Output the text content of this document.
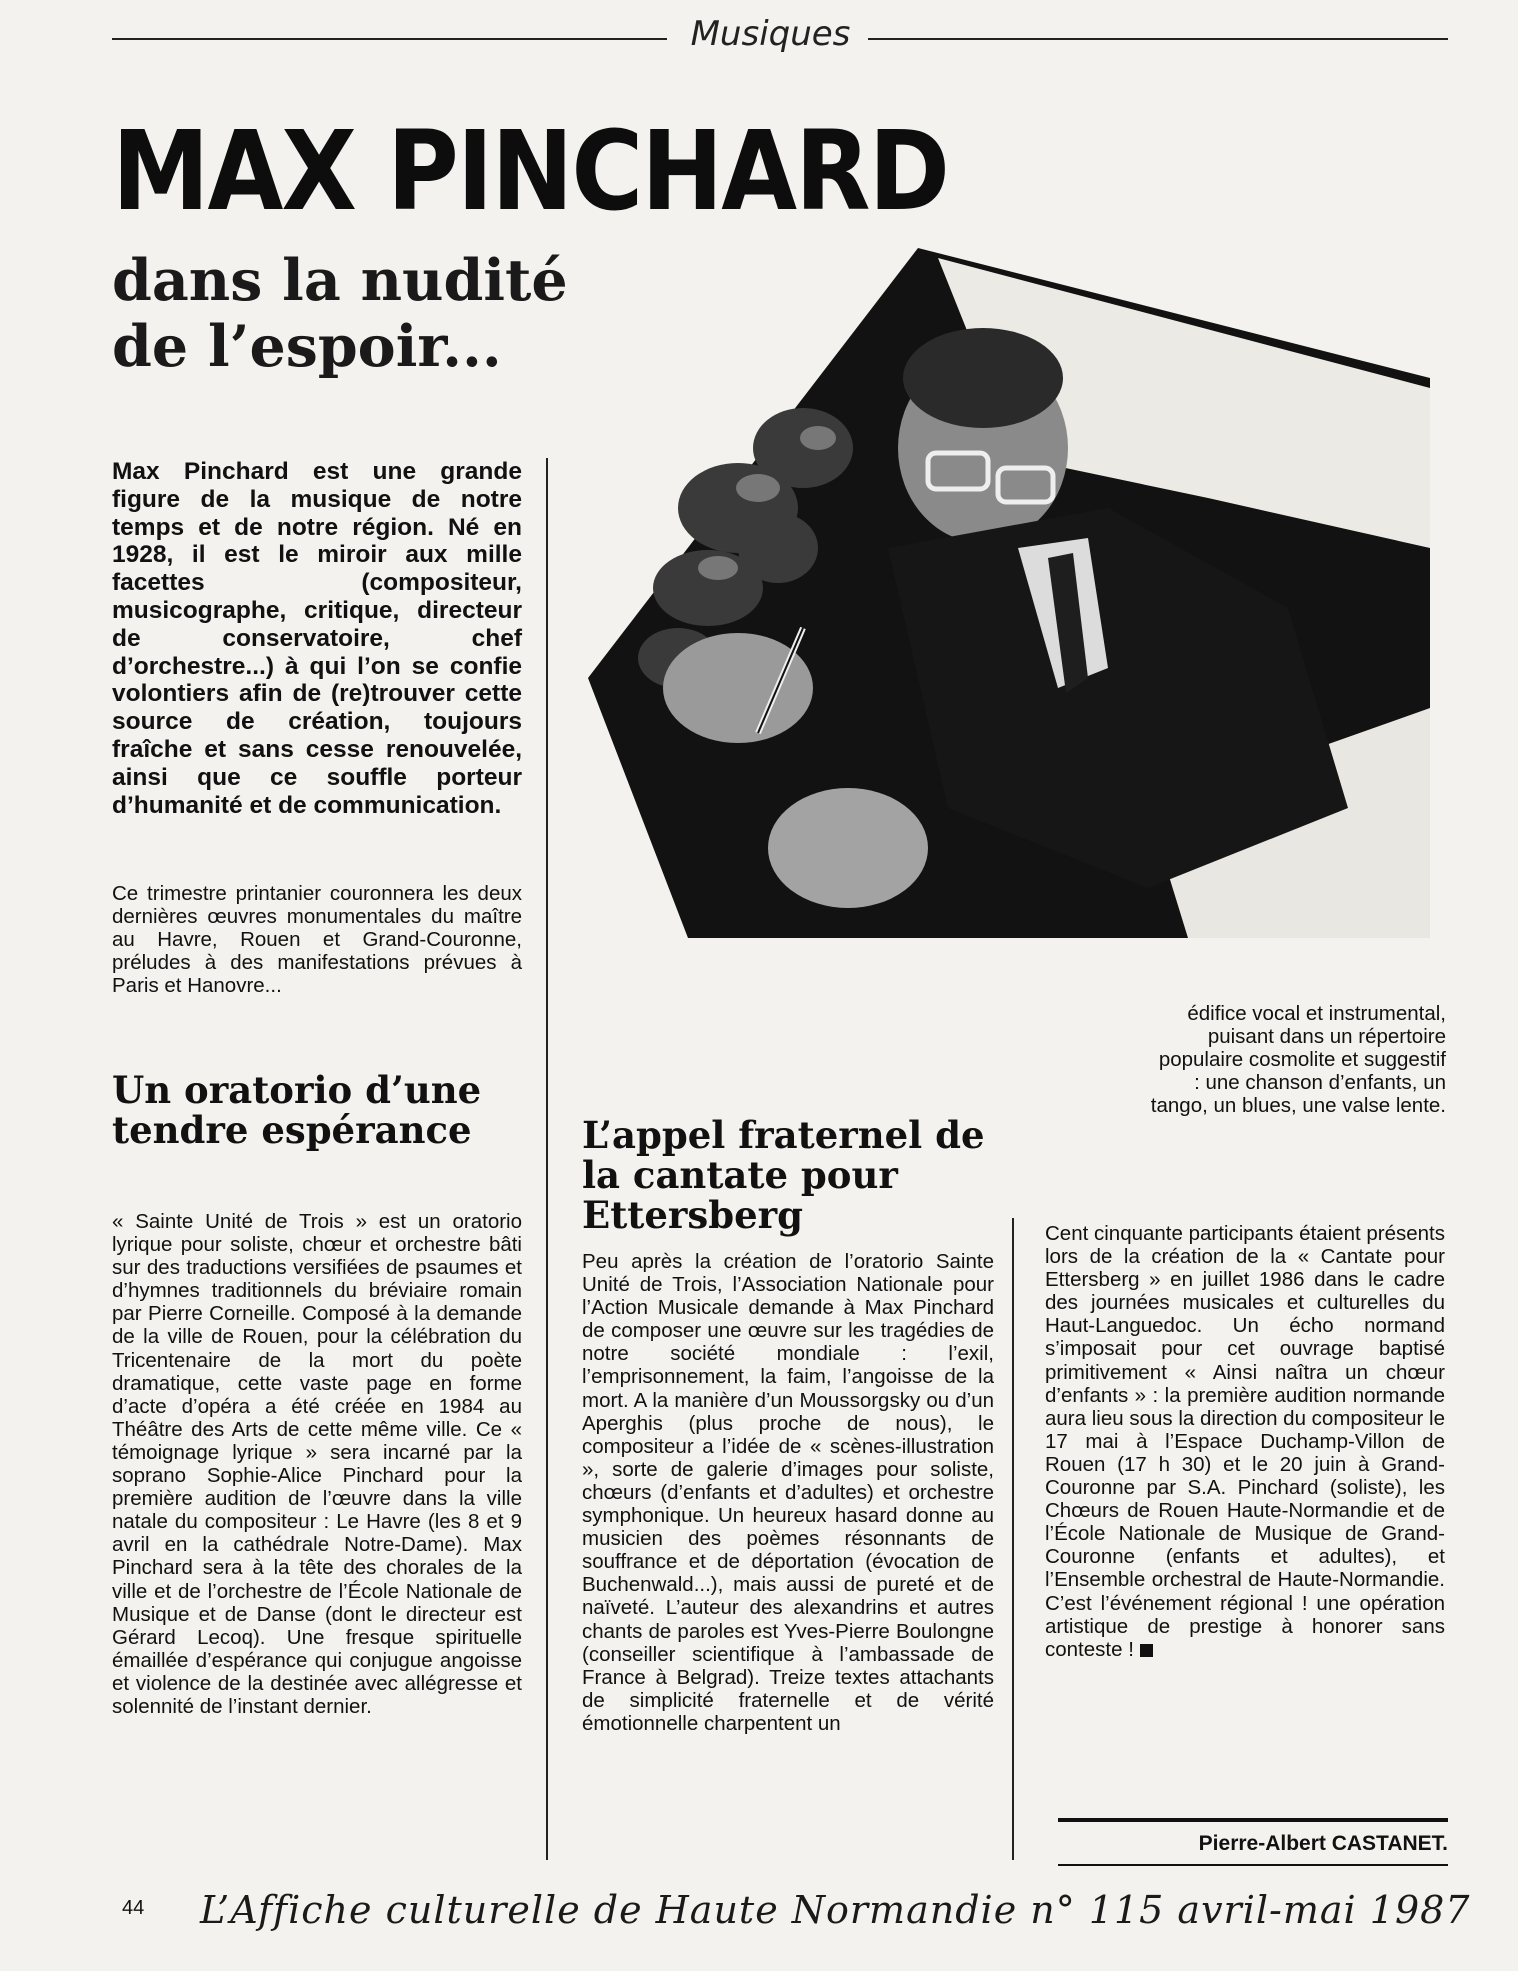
Musiques
MAX PINCHARD
dans la nudité de l’espoir...
Max Pinchard est une grande figure de la musique de notre temps et de notre région. Né en 1928, il est le miroir aux mille facettes (compositeur, musicographe, critique, directeur de conservatoire, chef d’orchestre...) à qui l’on se confie volontiers afin de (re)trouver cette source de création, toujours fraîche et sans cesse renouvelée, ainsi que ce souffle porteur d’humanité et de communication.
Ce trimestre printanier couronnera les deux dernières œuvres monumentales du maître au Havre, Rouen et Grand-Couronne, préludes à des manifestations prévues à Paris et Hanovre...
Un oratorio d’une tendre espérance
« Sainte Unité de Trois » est un oratorio lyrique pour soliste, chœur et orchestre bâti sur des traductions versifiées de psaumes et d’hymnes traditionnels du bréviaire romain par Pierre Corneille. Composé à la demande de la ville de Rouen, pour la célébration du Tricentenaire de la mort du poète dramatique, cette vaste page en forme d’acte d’opéra a été créée en 1984 au Théâtre des Arts de cette même ville. Ce « témoignage lyrique » sera incarné par la soprano Sophie-Alice Pinchard pour la première audition de l’œuvre dans la ville natale du compositeur : Le Havre (les 8 et 9 avril en la cathédrale Notre-Dame). Max Pinchard sera à la tête des chorales de la ville et de l’orchestre de l’École Nationale de Musique et de Danse (dont le directeur est Gérard Lecoq). Une fresque spirituelle émaillée d’espérance qui conjugue angoisse et violence de la destinée avec allégresse et solennité de l’instant dernier.
L’appel fraternel de la cantate pour Ettersberg
Peu après la création de l’oratorio Sainte Unité de Trois, l’Association Nationale pour l’Action Musicale demande à Max Pinchard de composer une œuvre sur les tragédies de notre société mondiale : l’exil, l’emprisonnement, la faim, l’angoisse de la mort. A la manière d’un Moussorgsky ou d’un Aperghis (plus proche de nous), le compositeur a l’idée de « scènes-illustration », sorte de galerie d’images pour soliste, chœurs (d’enfants et d’adultes) et orchestre symphonique. Un heureux hasard donne au musicien des poèmes résonnants de souffrance et de déportation (évocation de Buchenwald...), mais aussi de pureté et de naïveté. L’auteur des alexandrins et autres chants de paroles est Yves-Pierre Boulongne (conseiller scientifique à l’ambassade de France à Belgrad). Treize textes attachants de simplicité fraternelle et de vérité émotionnelle charpentent un
édifice vocal et instrumental, puisant dans un répertoire populaire cosmolite et suggestif : une chanson d’enfants, un tango, un blues, une valse lente.
Cent cinquante participants étaient présents lors de la création de la « Cantate pour Ettersberg » en juillet 1986 dans le cadre des journées musicales et culturelles du Haut-Languedoc. Un écho normand s’imposait pour cet ouvrage baptisé primitivement « Ainsi naîtra un chœur d’enfants » : la première audition normande aura lieu sous la direction du compositeur le 17 mai à l’Espace Duchamp-Villon de Rouen (17 h 30) et le 20 juin à Grand-Couronne par S.A. Pinchard (soliste), les Chœurs de Rouen Haute-Normandie et de l’École Nationale de Musique de Grand-Couronne (enfants et adultes), et l’Ensemble orchestral de Haute-Normandie. C’est l’événement régional ! une opération artistique de prestige à honorer sans conteste !
Pierre-Albert CASTANET.
44 L’Affiche culturelle de Haute Normandie n° 115 avril-mai 1987
